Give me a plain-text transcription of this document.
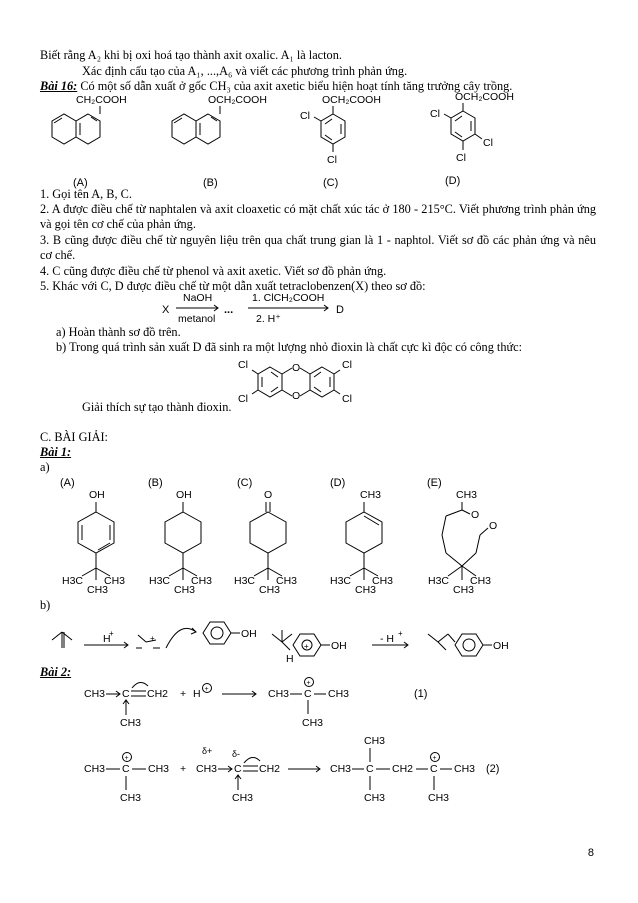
Biết rằng A₂ khi bị oxi hoá tạo thành axit oxalic. A₁ là lacton.
Xác định cấu tạo của A₁, ...,A₆ và viết các phương trình phản ứng.
Bài 16: Có một số dẫn xuất ở gốc CH₃ của axit axetic biểu hiện hoạt tính tăng trưởng cây trồng.
CH₂COOH
(A)
OCH₂COOH
(B)
OCH₂COOH
Cl
Cl
(C)
OCH₂COOH
Cl
Cl
Cl
(D)
1. Gọi tên A, B, C.
2. A được điều chế từ naphtalen và axit cloaxetic có mặt chất xúc tác ở 180 - 215°C. Viết phương trình phản ứng và gọi tên cơ chế của phản ứng.
3. B cũng được điều chế từ nguyên liệu trên qua chất trung gian là 1 - naphtol. Viết sơ đồ các phản ứng và nêu cơ chế.
4. C cũng được điều chế từ phenol và axit axetic. Viết sơ đồ phản ứng.
5. Khác với C, D được điều chế từ một dẫn xuất tetraclobenzen(X) theo sơ đồ:
NaOH
X
metanol
...
1. ClCH₂COOH
2. H⁺
D
a) Hoàn thành sơ đồ trên.
b) Trong quá trình sản xuất D đã sinh ra một lượng nhỏ đioxin là chất cực kì độc có công thức:
O
O
Cl
Cl
Cl
Cl
Giải thích sự tạo thành đioxin.
C. BÀI GIẢI:
Bài 1:
a)
(A)	(B)	(C)	(D)	(E)
OH
H3C CH3
CH3
OH
H3C CH3
CH3
O
H3C CH3
CH3
CH3
H3C CH3
CH3
CH3
O
O
H3C CH3
CH3
b)
H
+
+	OH
+ OH
H
- H +
OH
Bài 2:
CH3 C CH2
CH3
+ H +	CH3 C
+
CH3
CH3
(1)
CH3 C
+
CH3
CH3
+
δ+
CH3
δ-
C CH2
CH3
CH3 C
CH3
CH3
CH2 C
+
CH3
CH3
(2)
8
